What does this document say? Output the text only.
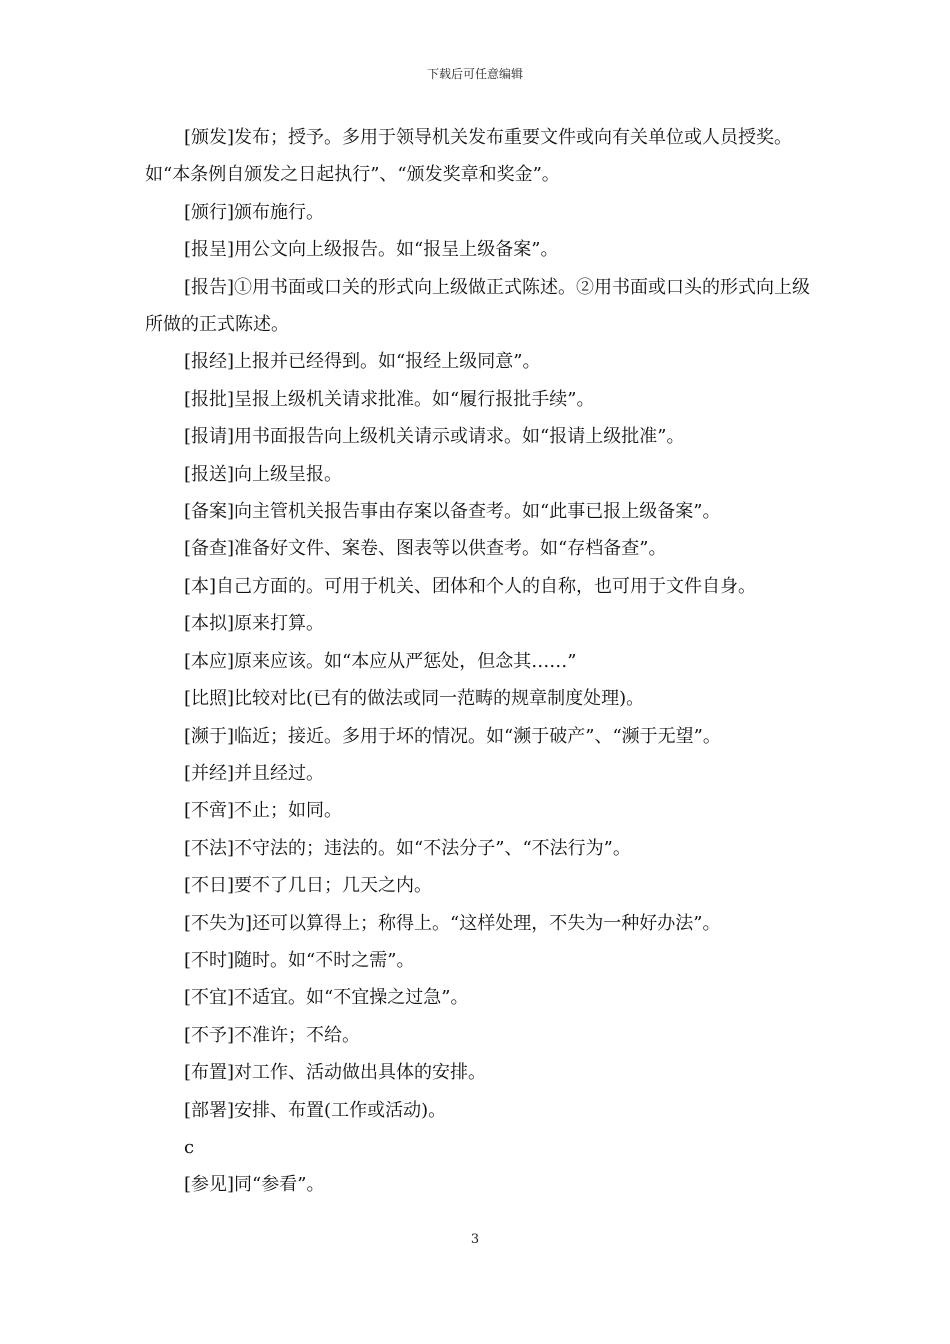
下载后可任意编辑

[颁发]发布；授予。多用于领导机关发布重要文件或向有关单位或人员授奖。如“本条例自颁发之日起执行”、“颁发奖章和奖金”。

[颁行]颁布施行。

[报呈]用公文向上级报告。如“报呈上级备案”。

[报告]①用书面或口关的形式向上级做正式陈述。②用书面或口头的形式向上级所做的正式陈述。

[报经]上报并已经得到。如“报经上级同意”。

[报批]呈报上级机关请求批准。如“履行报批手续”。

[报请]用书面报告向上级机关请示或请求。如“报请上级批准”。

[报送]向上级呈报。

[备案]向主管机关报告事由存案以备查考。如“此事已报上级备案”。

[备查]准备好文件、案卷、图表等以供查考。如“存档备查”。

[本]自己方面的。可用于机关、团体和个人的自称，也可用于文件自身。

[本拟]原来打算。

[本应]原来应该。如“本应从严惩处，但念其……”

[比照]比较对比(已有的做法或同一范畴的规章制度处理)。

[濒于]临近；接近。多用于坏的情况。如“濒于破产”、“濒于无望”。

[并经]并且经过。

[不啻]不止；如同。

[不法]不守法的；违法的。如“不法分子”、“不法行为”。

[不日]要不了几日；几天之内。

[不失为]还可以算得上；称得上。“这样处理，不失为一种好办法”。

[不时]随时。如“不时之需”。

[不宜]不适宜。如“不宜操之过急”。

[不予]不准许；不给。

[布置]对工作、活动做出具体的安排。

[部署]安排、布置(工作或活动)。

c

[参见]同“参看”。

3
